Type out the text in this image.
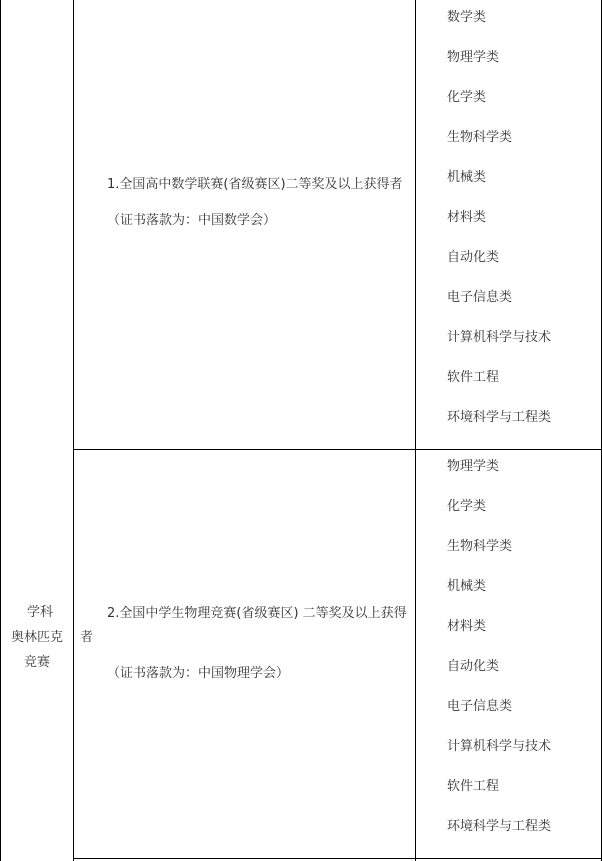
学科
奥林匹克
竞赛
1.全国高中数学联赛(省级赛区)二等奖及以上获得者
（证书落款为：中国数学会）
数学类
物理学类
化学类
生物科学类
机械类
材料类
自动化类
电子信息类
计算机科学与技术
软件工程
环境科学与工程类
2.全国中学生物理竞赛(省级赛区) 二等奖及以上获得者
（证书落款为：中国物理学会）
物理学类
化学类
生物科学类
机械类
材料类
自动化类
电子信息类
计算机科学与技术
软件工程
环境科学与工程类
